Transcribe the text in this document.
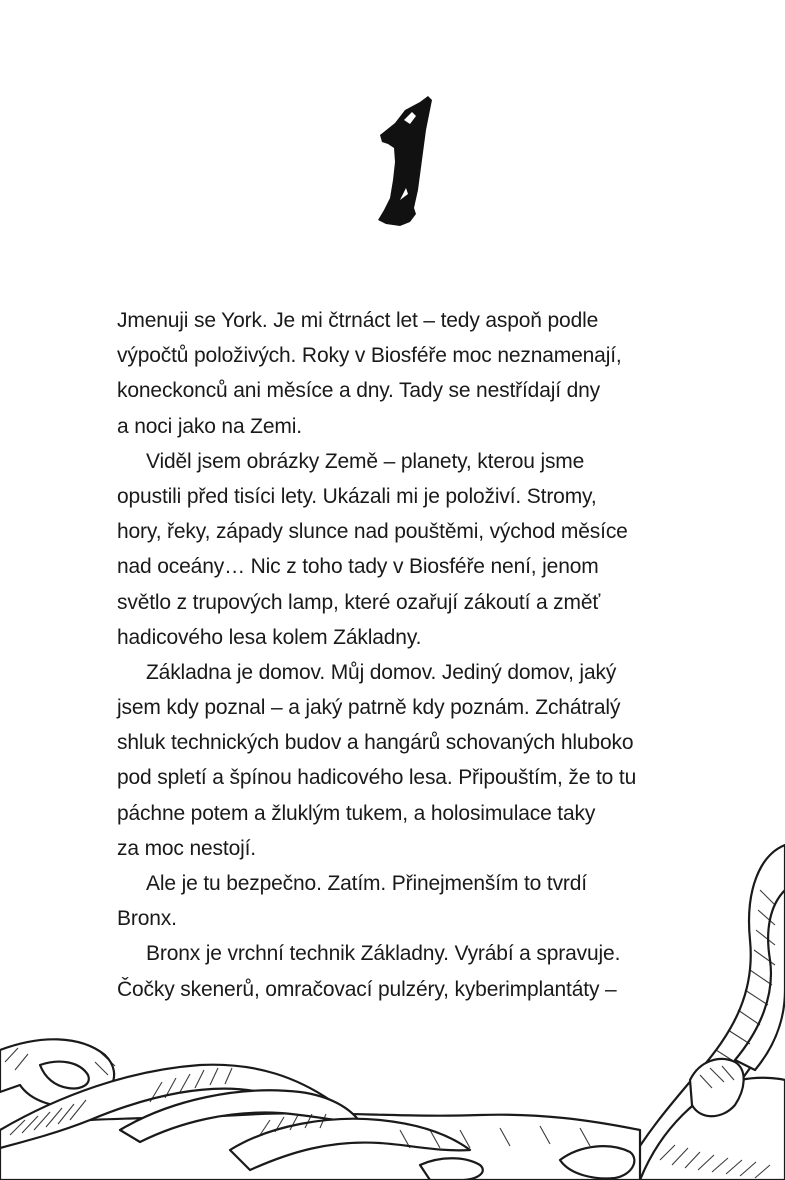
Jmenuji se York. Je mi čtrnáct let – tedy aspoň podle
výpočtů položivých. Roky v Biosféře moc neznamenají,
koneckonců ani měsíce a dny. Tady se nestřídají dny
a noci jako na Zemi.
Viděl jsem obrázky Země – planety, kterou jsme
opustili před tisíci lety. Ukázali mi je položiví. Stromy,
hory, řeky, západy slunce nad pouštěmi, východ měsíce
nad oceány… Nic z toho tady v Biosféře není, jenom
světlo z trupových lamp, které ozařují zákoutí a změť
hadicového lesa kolem Základny.
Základna je domov. Můj domov. Jediný domov, jaký
jsem kdy poznal – a jaký patrně kdy poznám. Zchátralý
shluk technických budov a hangárů schovaných hluboko
pod spletí a špínou hadicového lesa. Připouštím, že to tu
páchne potem a žluklým tukem, a holosimulace taky
za moc nestojí.
Ale je tu bezpečno. Zatím. Přinejmenším to tvrdí
Bronx.
Bronx je vrchní technik Základny. Vyrábí a spravuje.
Čočky skenerů, omračovací pulzéry, kyberimplantáty –
